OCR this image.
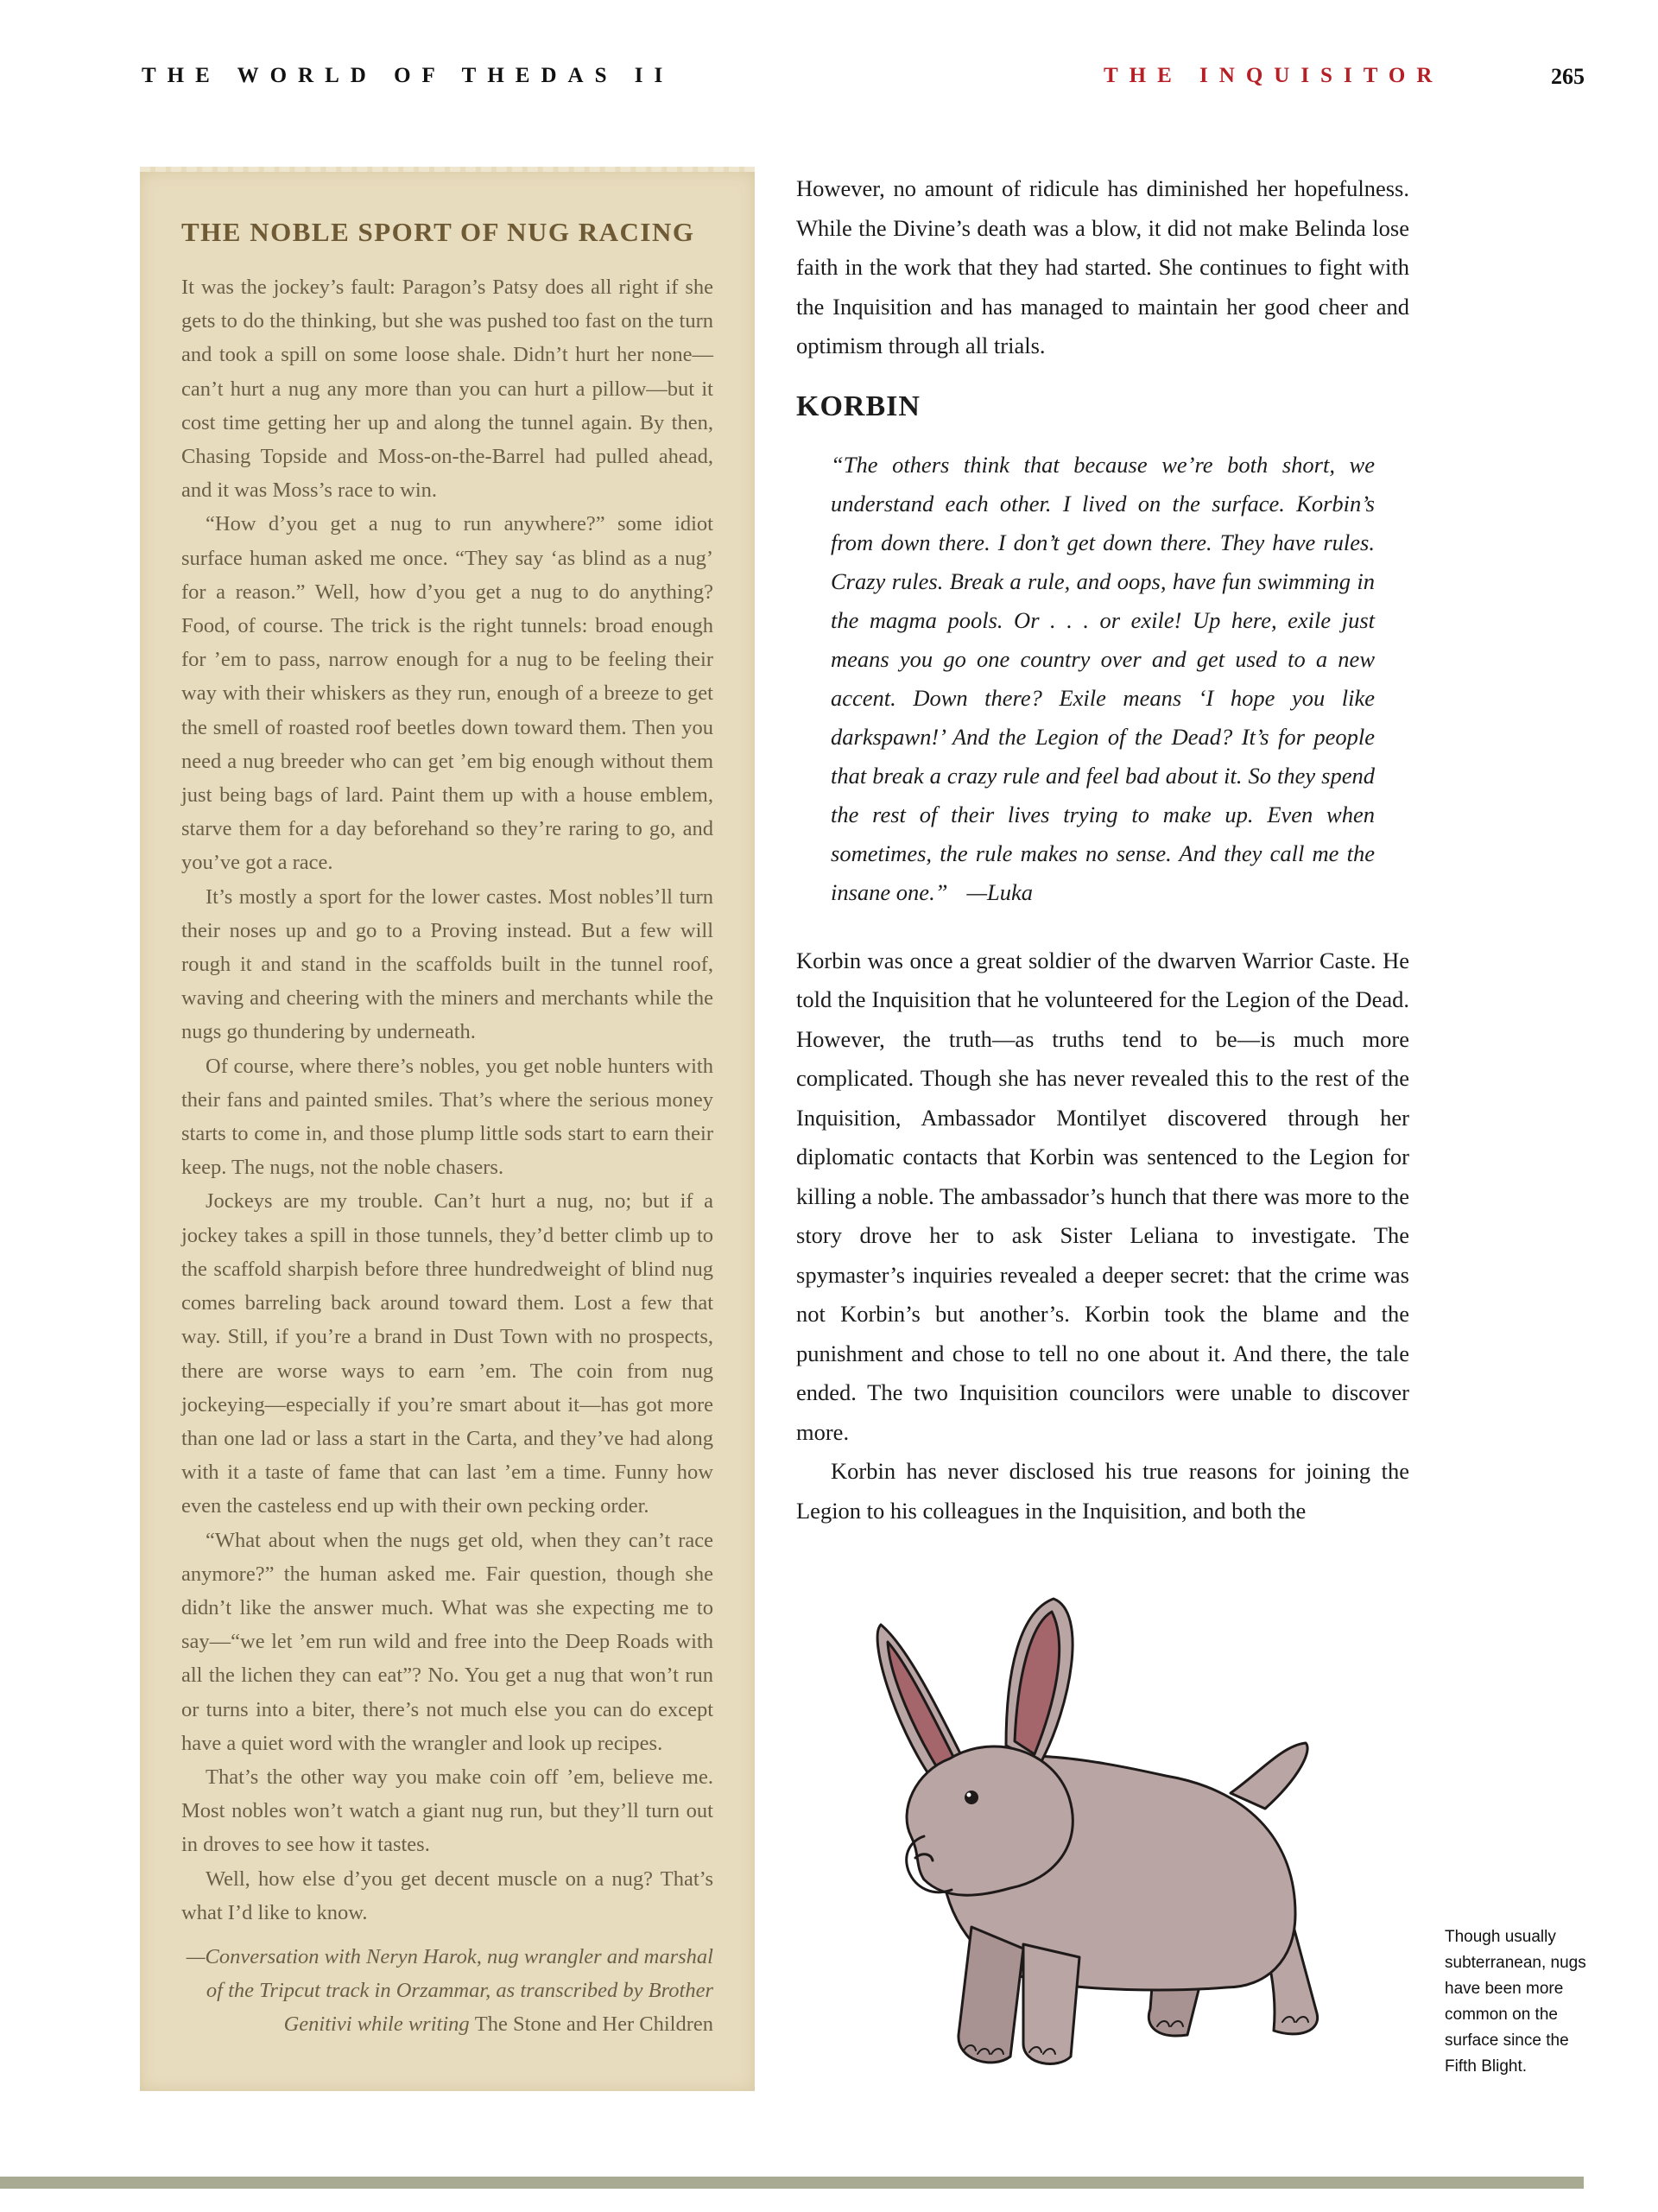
THE WORLD OF THEDAS II	THE INQUISITOR	265
THE NOBLE SPORT OF NUG RACING

It was the jockey’s fault: Paragon’s Patsy does all right if she gets to do the thinking, but she was pushed too fast on the turn and took a spill on some loose shale. Didn’t hurt her none—can’t hurt a nug any more than you can hurt a pillow—but it cost time getting her up and along the tunnel again. By then, Chasing Topside and Moss-on-the-Barrel had pulled ahead, and it was Moss’s race to win.

“How d’you get a nug to run anywhere?” some idiot surface human asked me once. “They say ‘as blind as a nug’ for a reason.” Well, how d’you get a nug to do anything? Food, of course. The trick is the right tunnels: broad enough for ’em to pass, narrow enough for a nug to be feeling their way with their whiskers as they run, enough of a breeze to get the smell of roasted roof beetles down toward them. Then you need a nug breeder who can get ’em big enough without them just being bags of lard. Paint them up with a house emblem, starve them for a day beforehand so they’re raring to go, and you’ve got a race.

It’s mostly a sport for the lower castes. Most nobles’ll turn their noses up and go to a Proving instead. But a few will rough it and stand in the scaffolds built in the tunnel roof, waving and cheering with the miners and merchants while the nugs go thundering by underneath.

Of course, where there’s nobles, you get noble hunters with their fans and painted smiles. That’s where the serious money starts to come in, and those plump little sods start to earn their keep. The nugs, not the noble chasers.

Jockeys are my trouble. Can’t hurt a nug, no; but if a jockey takes a spill in those tunnels, they’d better climb up to the scaffold sharpish before three hundredweight of blind nug comes barreling back around toward them. Lost a few that way. Still, if you’re a brand in Dust Town with no prospects, there are worse ways to earn ’em. The coin from nug jockeying—especially if you’re smart about it—has got more than one lad or lass a start in the Carta, and they’ve had along with it a taste of fame that can last ’em a time. Funny how even the casteless end up with their own pecking order.

“What about when the nugs get old, when they can’t race anymore?” the human asked me. Fair question, though she didn’t like the answer much. What was she expecting me to say—“we let ’em run wild and free into the Deep Roads with all the lichen they can eat”? No. You get a nug that won’t run or turns into a biter, there’s not much else you can do except have a quiet word with the wrangler and look up recipes.

That’s the other way you make coin off ’em, believe me. Most nobles won’t watch a giant nug run, but they’ll turn out in droves to see how it tastes.

Well, how else d’you get decent muscle on a nug? That’s what I’d like to know.

—Conversation with Neryn Harok, nug wrangler and marshal of the Tripcut track in Orzammar, as transcribed by Brother Genitivi while writing The Stone and Her Children

However, no amount of ridicule has diminished her hopefulness. While the Divine’s death was a blow, it did not make Belinda lose faith in the work that they had started. She continues to fight with the Inquisition and has managed to maintain her good cheer and optimism through all trials.

KORBIN
“The others think that because we’re both short, we understand each other. I lived on the surface. Korbin’s from down there. I don’t get down there. They have rules. Crazy rules. Break a rule, and oops, have fun swimming in the magma pools. Or . . . or exile! Up here, exile just means you go one country over and get used to a new accent. Down there? Exile means ‘I hope you like darkspawn!’ And the Legion of the Dead? It’s for people that break a crazy rule and feel bad about it. So they spend the rest of their lives trying to make up. Even when sometimes, the rule makes no sense. And they call me the insane one.” —Luka

Korbin was once a great soldier of the dwarven Warrior Caste. He told the Inquisition that he volunteered for the Legion of the Dead. However, the truth—as truths tend to be—is much more complicated. Though she has never revealed this to the rest of the Inquisition, Ambassador Montilyet discovered through her diplomatic contacts that Korbin was sentenced to the Legion for killing a noble. The ambassador’s hunch that there was more to the story drove her to ask Sister Leliana to investigate. The spymaster’s inquiries revealed a deeper secret: that the crime was not Korbin’s but another’s. Korbin took the blame and the punishment and chose to tell no one about it. And there, the tale ended. The two Inquisition councilors were unable to discover more.

Korbin has never disclosed his true reasons for joining the Legion to his colleagues in the Inquisition, and both the

Though usually subterranean, nugs have been more common on the surface since the Fifth Blight.
